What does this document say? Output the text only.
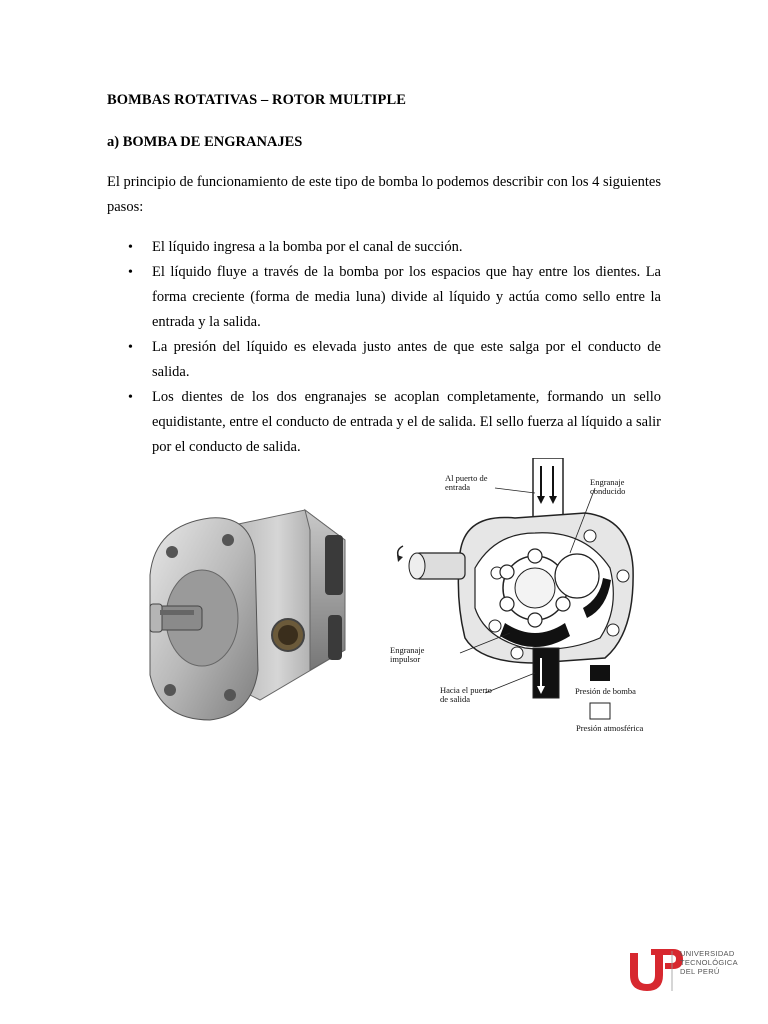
BOMBAS ROTATIVAS – ROTOR MULTIPLE
a) BOMBA DE ENGRANAJES

El principio de funcionamiento de este tipo de bomba lo podemos describir con los 4 siguientes pasos:

• El líquido ingresa a la bomba por el canal de succión.
• El líquido fluye a través de la bomba por los espacios que hay entre los dientes. La forma creciente (forma de media luna) divide al líquido y actúa como sello entre la entrada y la salida.
• La presión del líquido es elevada justo antes de que este salga por el conducto de salida.
• Los dientes de los dos engranajes se acoplan completamente, formando un sello equidistante, entre el conducto de entrada y el de salida. El sello fuerza al líquido a salir por el conducto de salida.
Al puerto de
entrada	Engranaje
conducido
Engranaje
impulsor
Hacia el puerto
de salida
Presión de bomba
Presión atmosférica
UNIVERSIDAD
TECNOLÓGICA
DEL PERÚ
